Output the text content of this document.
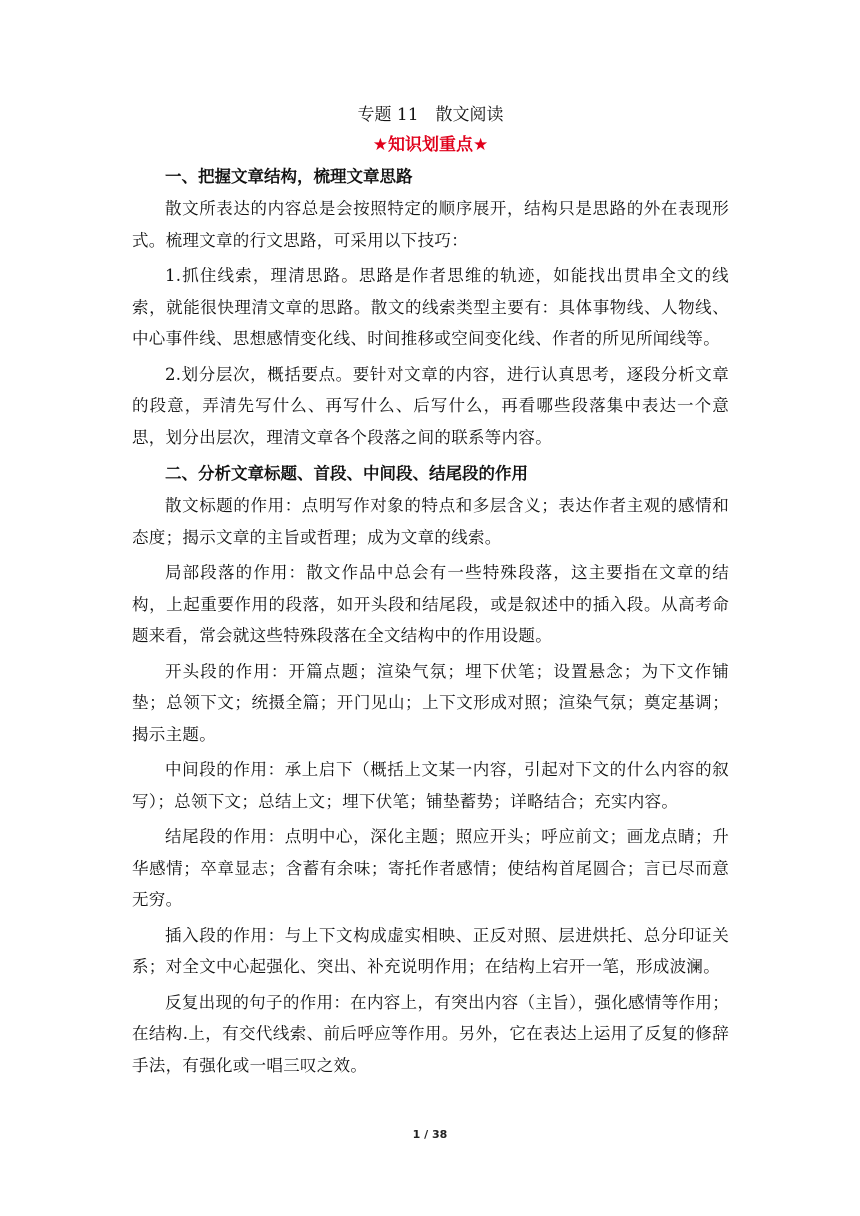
专题 11　散文阅读
★知识划重点★
一、把握文章结构，梳理文章思路

散文所表达的内容总是会按照特定的顺序展开，结构只是思路的外在表现形式。梳理文章的行文思路，可采用以下技巧：

1.抓住线索，理清思路。思路是作者思维的轨迹，如能找出贯串全文的线索，就能很快理清文章的思路。散文的线索类型主要有：具体事物线、人物线、中心事件线、思想感情变化线、时间推移或空间变化线、作者的所见所闻线等。

2.划分层次，概括要点。要针对文章的内容，进行认真思考，逐段分析文章的段意，弄清先写什么、再写什么、后写什么，再看哪些段落集中表达一个意思，划分出层次，理清文章各个段落之间的联系等内容。

二、分析文章标题、首段、中间段、结尾段的作用

散文标题的作用：点明写作对象的特点和多层含义；表达作者主观的感情和态度；揭示文章的主旨或哲理；成为文章的线索。

局部段落的作用：散文作品中总会有一些特殊段落，这主要指在文章的结构，上起重要作用的段落，如开头段和结尾段，或是叙述中的插入段。从高考命题来看，常会就这些特殊段落在全文结构中的作用设题。

开头段的作用：开篇点题；渲染气氛；埋下伏笔；设置悬念；为下文作铺垫；总领下文；统摄全篇；开门见山；上下文形成对照；渲染气氛；奠定基调；揭示主题。

中间段的作用：承上启下（概括上文某一内容，引起对下文的什么内容的叙写）；总领下文；总结上文；埋下伏笔；铺垫蓄势；详略结合；充实内容。

结尾段的作用：点明中心，深化主题；照应开头；呼应前文；画龙点睛；升华感情；卒章显志；含蓄有余味；寄托作者感情；使结构首尾圆合；言已尽而意无穷。

插入段的作用：与上下文构成虚实相映、正反对照、层进烘托、总分印证关系；对全文中心起强化、突出、补充说明作用；在结构上宕开一笔，形成波澜。

反复出现的句子的作用：在内容上，有突出内容（主旨），强化感情等作用；在结构.上，有交代线索、前后呼应等作用。另外，它在表达上运用了反复的修辞手法，有强化或一唱三叹之效。

1 / 38
